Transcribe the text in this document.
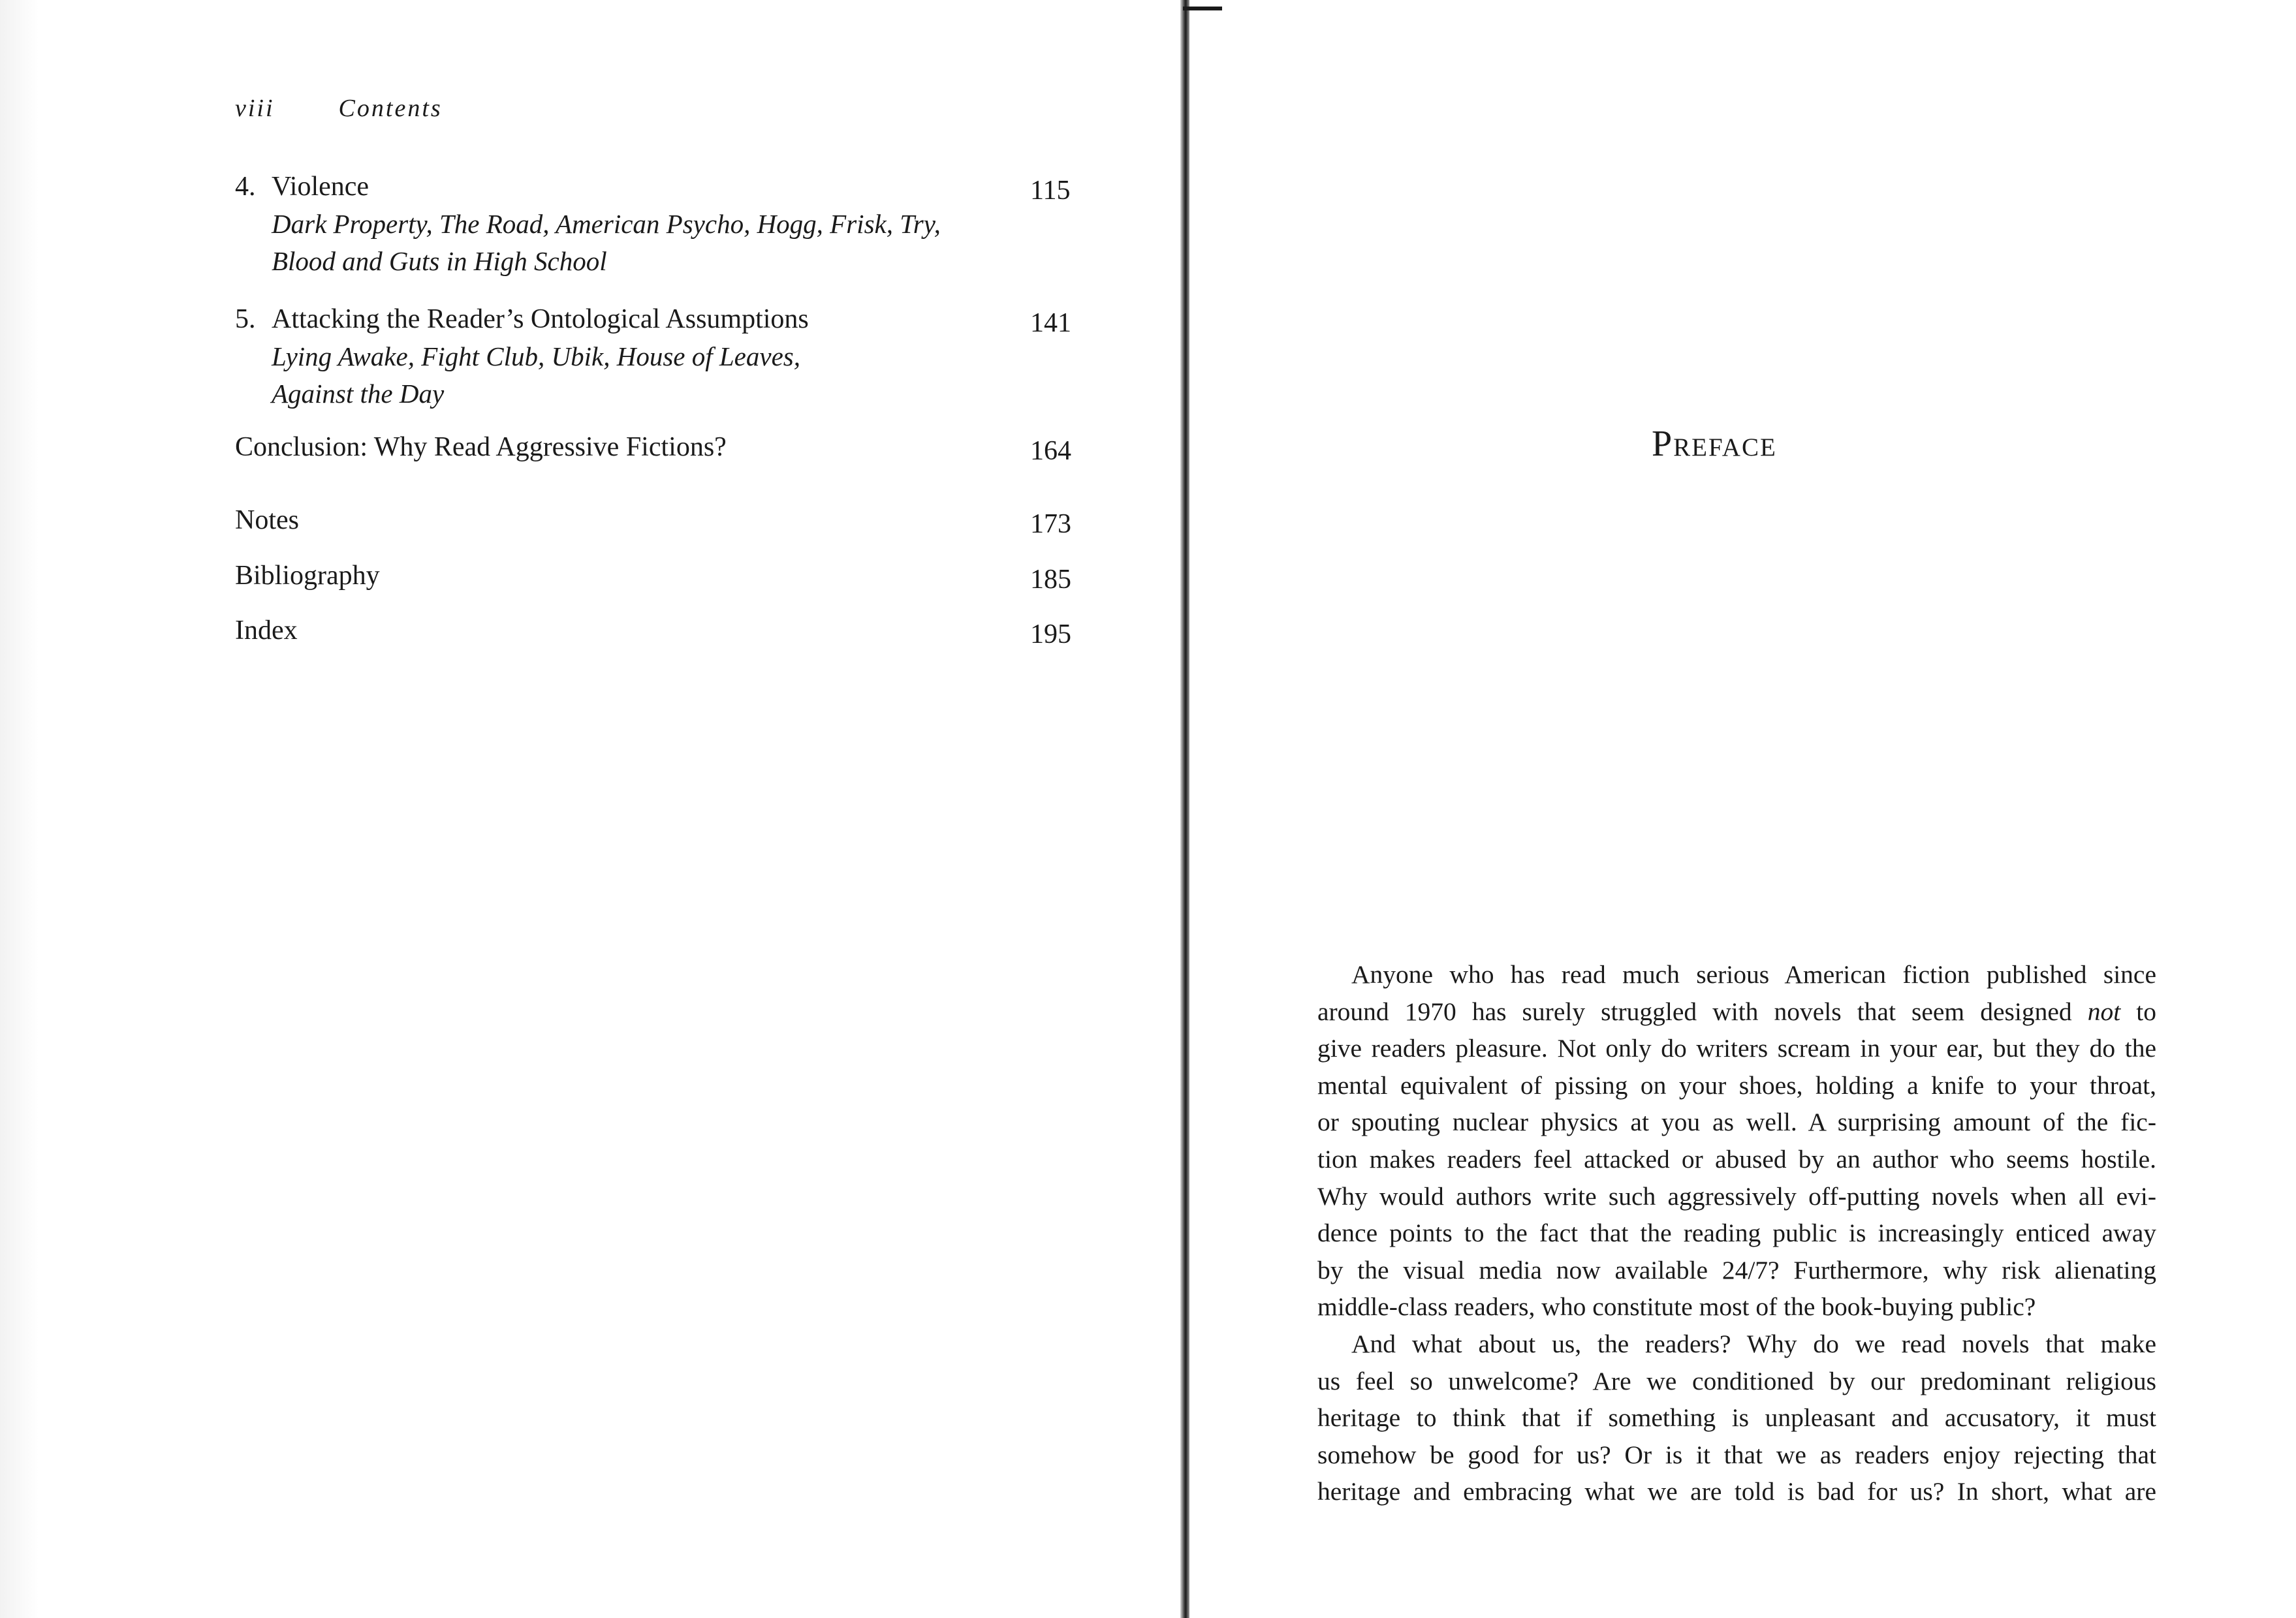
viii	Contents
4. Violence	115
Dark Property, The Road, American Psycho, Hogg, Frisk, Try,
Blood and Guts in High School
5. Attacking the Reader’s Ontological Assumptions	141
Lying Awake, Fight Club, Ubik, House of Leaves,
Against the Day
Conclusion: Why Read Aggressive Fictions?	164
Notes	173
Bibliography	185
Index	195
Preface
Anyone who has read much serious American fiction published since
around 1970 has surely struggled with novels that seem designed not to
give readers pleasure. Not only do writers scream in your ear, but they do the
mental equivalent of pissing on your shoes, holding a knife to your throat,
or spouting nuclear physics at you as well. A surprising amount of the fic-
tion makes readers feel attacked or abused by an author who seems hostile.
Why would authors write such aggressively off-putting novels when all evi-
dence points to the fact that the reading public is increasingly enticed away
by the visual media now available 24/7? Furthermore, why risk alienating
middle-class readers, who constitute most of the book-buying public?
And what about us, the readers? Why do we read novels that make
us feel so unwelcome? Are we conditioned by our predominant religious
heritage to think that if something is unpleasant and accusatory, it must
somehow be good for us? Or is it that we as readers enjoy rejecting that
heritage and embracing what we are told is bad for us? In short, what are
